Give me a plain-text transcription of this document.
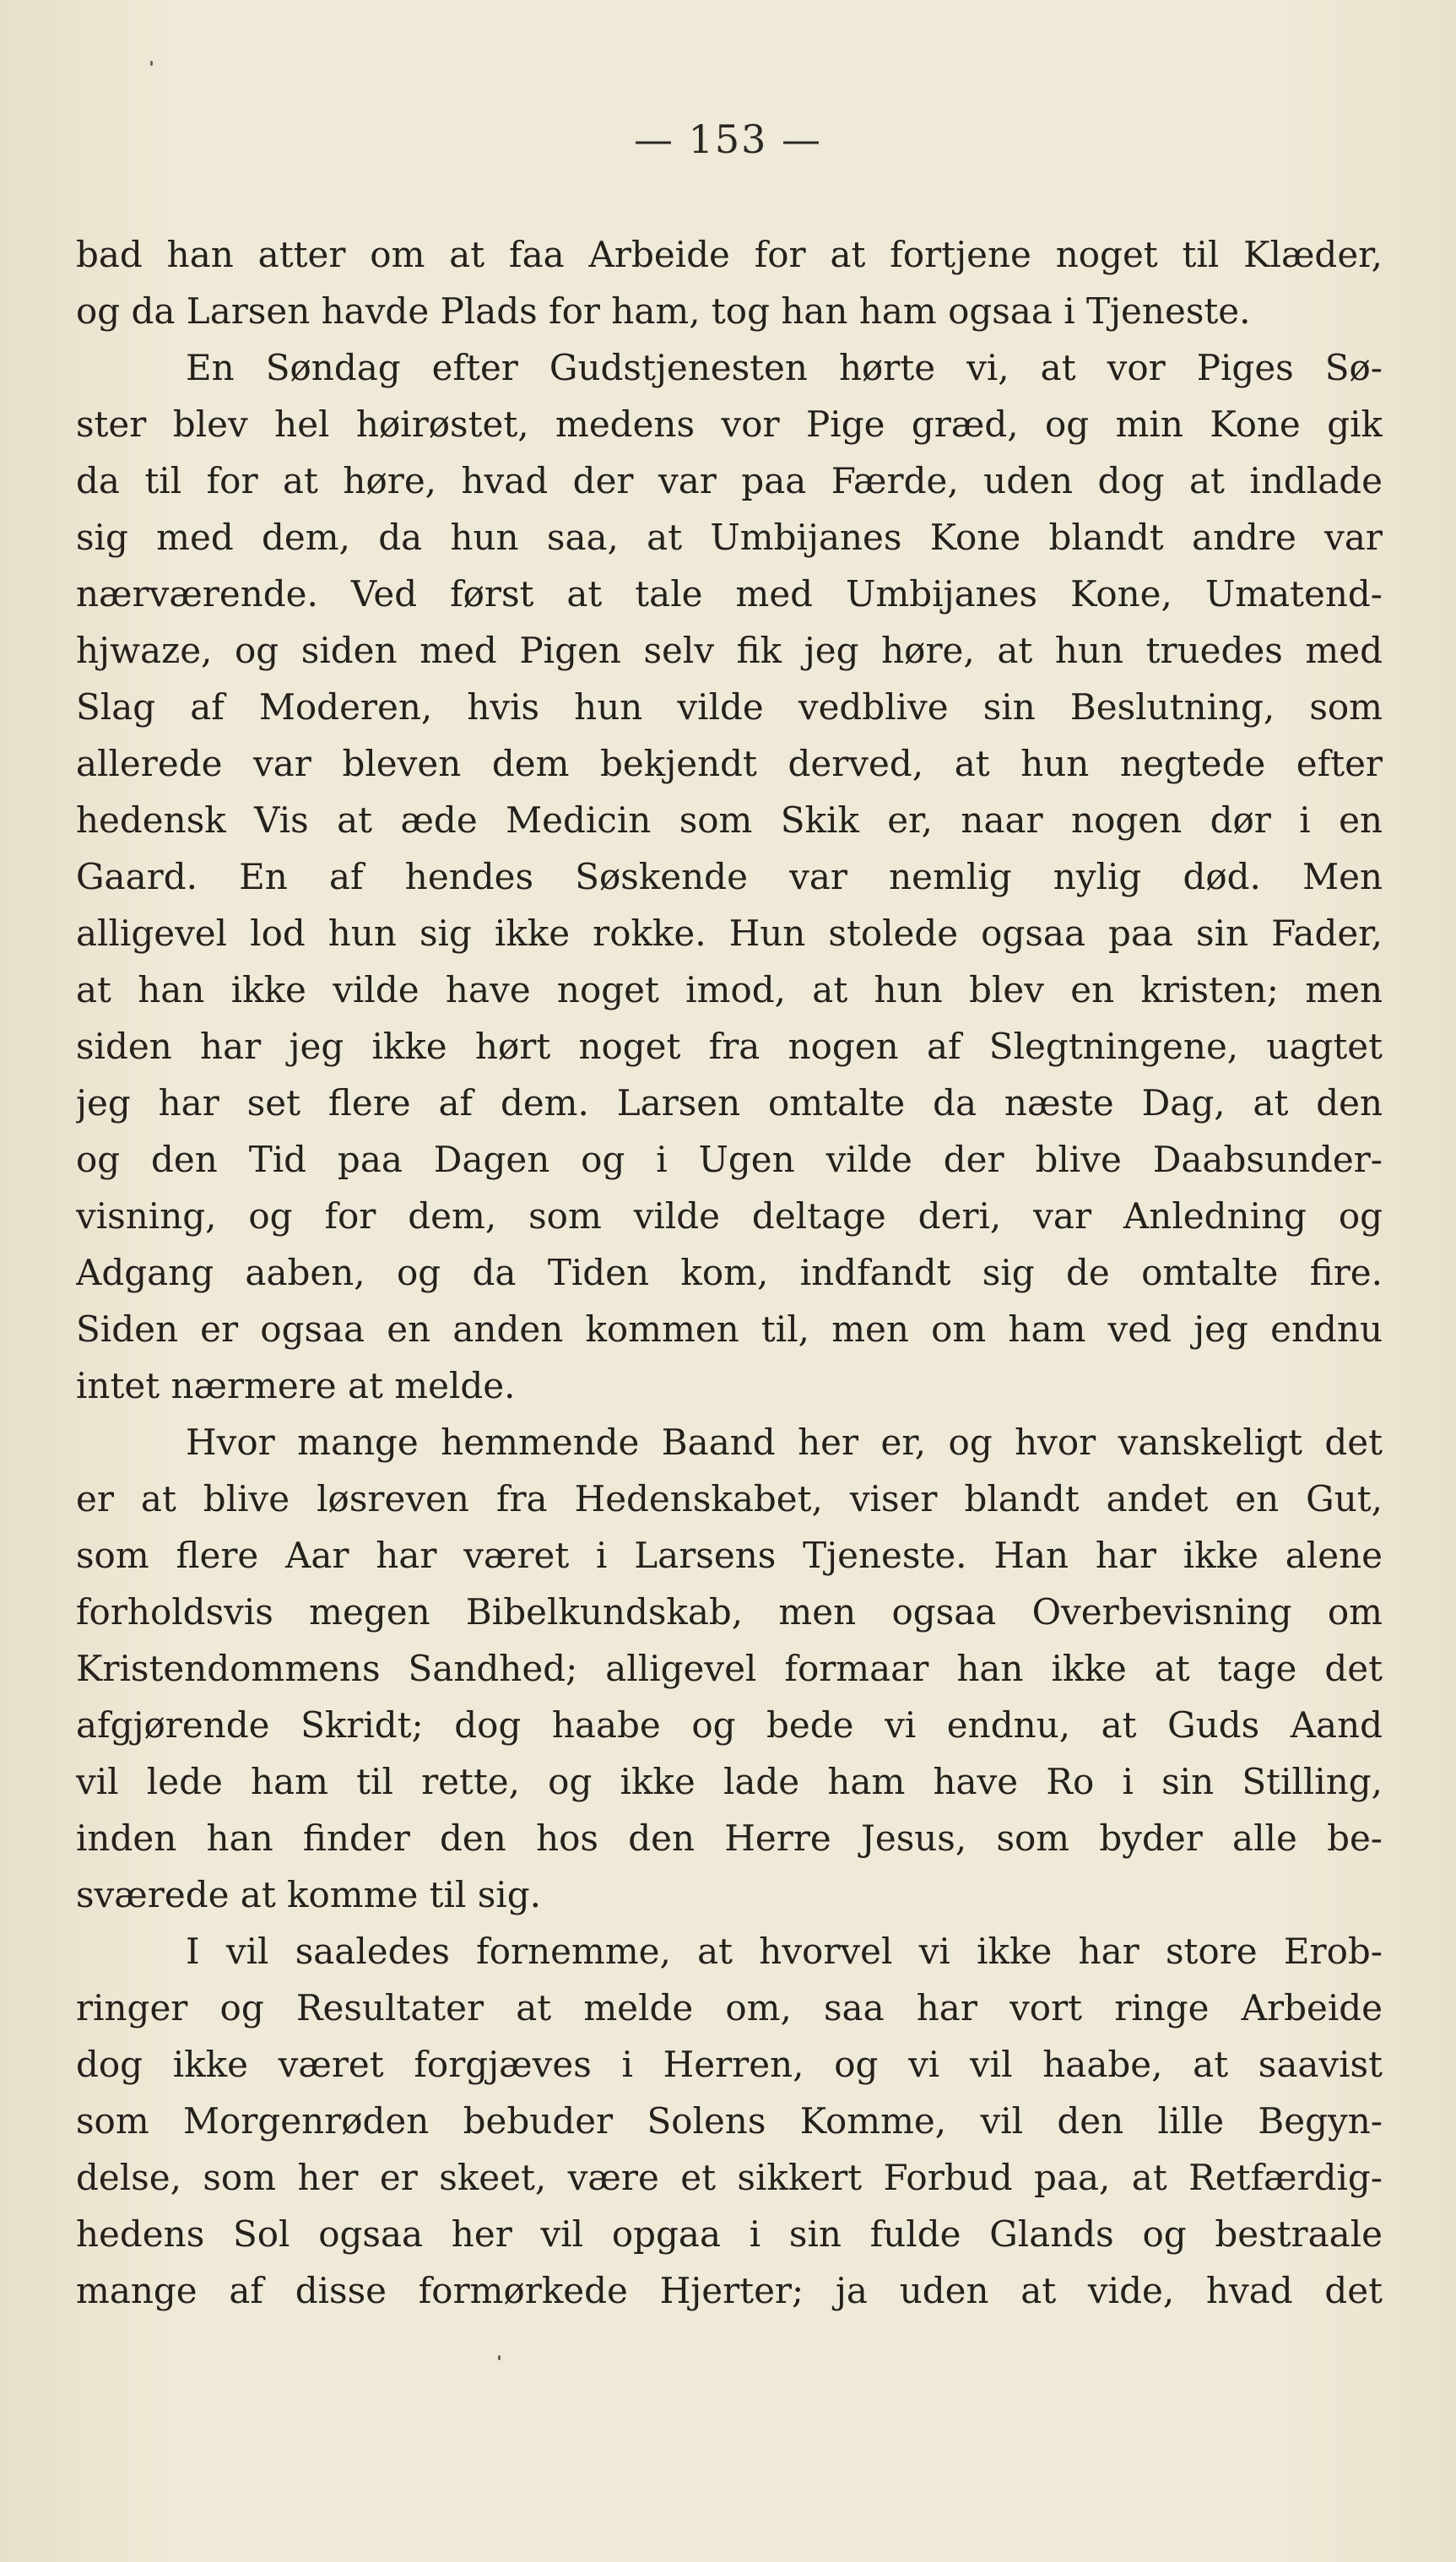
— 153 —
bad han atter om at faa Arbeide for at fortjene noget til Klæder,
og da Larsen havde Plads for ham, tog han ham ogsaa i Tjeneste.
En Søndag efter Gudstjenesten hørte vi, at vor Piges Sø-
ster blev hel høirøstet, medens vor Pige græd, og min Kone gik
da til for at høre, hvad der var paa Færde, uden dog at indlade
sig med dem, da hun saa, at Umbijanes Kone blandt andre var
nærværende. Ved først at tale med Umbijanes Kone, Umatend-
hjwaze, og siden med Pigen selv fik jeg høre, at hun truedes med
Slag af Moderen, hvis hun vilde vedblive sin Beslutning, som
allerede var bleven dem bekjendt derved, at hun negtede efter
hedensk Vis at æde Medicin som Skik er, naar nogen dør i en
Gaard. En af hendes Søskende var nemlig nylig død. Men
alligevel lod hun sig ikke rokke. Hun stolede ogsaa paa sin Fader,
at han ikke vilde have noget imod, at hun blev en kristen; men
siden har jeg ikke hørt noget fra nogen af Slegtningene, uagtet
jeg har set flere af dem. Larsen omtalte da næste Dag, at den
og den Tid paa Dagen og i Ugen vilde der blive Daabsunder-
visning, og for dem, som vilde deltage deri, var Anledning og
Adgang aaben, og da Tiden kom, indfandt sig de omtalte fire.
Siden er ogsaa en anden kommen til, men om ham ved jeg endnu
intet nærmere at melde.
Hvor mange hemmende Baand her er, og hvor vanskeligt det
er at blive løsreven fra Hedenskabet, viser blandt andet en Gut,
som flere Aar har været i Larsens Tjeneste. Han har ikke alene
forholdsvis megen Bibelkundskab, men ogsaa Overbevisning om
Kristendommens Sandhed; alligevel formaar han ikke at tage det
afgjørende Skridt; dog haabe og bede vi endnu, at Guds Aand
vil lede ham til rette, og ikke lade ham have Ro i sin Stilling,
inden han finder den hos den Herre Jesus, som byder alle be-
sværede at komme til sig.
I vil saaledes fornemme, at hvorvel vi ikke har store Erob-
ringer og Resultater at melde om, saa har vort ringe Arbeide
dog ikke været forgjæves i Herren, og vi vil haabe, at saavist
som Morgenrøden bebuder Solens Komme, vil den lille Begyn-
delse, som her er skeet, være et sikkert Forbud paa, at Retfærdig-
hedens Sol ogsaa her vil opgaa i sin fulde Glands og bestraale
mange af disse formørkede Hjerter; ja uden at vide, hvad det
